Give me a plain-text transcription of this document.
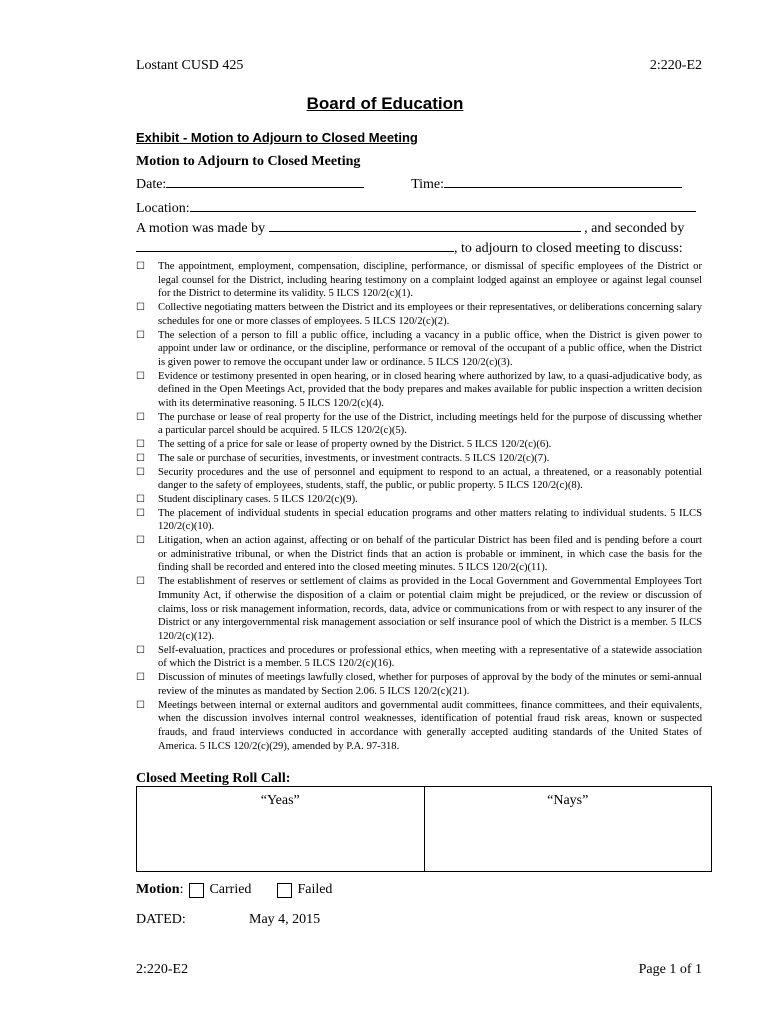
Lostant CUSD 425	2:220-E2
Board of Education
Exhibit - Motion to Adjourn to Closed Meeting
Motion to Adjourn to Closed Meeting
Date:	Time:
Location:
A motion was made by	, and seconded by
, to adjourn to closed meeting to discuss:
☐	The appointment, employment, compensation, discipline, performance, or dismissal of specific employees of the District or legal counsel for the District, including hearing testimony on a complaint lodged against an employee or against legal counsel for the District to determine its validity. 5 ILCS 120/2(c)(1).
☐	Collective negotiating matters between the District and its employees or their representatives, or deliberations concerning salary schedules for one or more classes of employees. 5 ILCS 120/2(c)(2).
☐	The selection of a person to fill a public office, including a vacancy in a public office, when the District is given power to appoint under law or ordinance, or the discipline, performance or removal of the occupant of a public office, when the District is given power to remove the occupant under law or ordinance. 5 ILCS 120/2(c)(3).
☐	Evidence or testimony presented in open hearing, or in closed hearing where authorized by law, to a quasi-adjudicative body, as defined in the Open Meetings Act, provided that the body prepares and makes available for public inspection a written decision with its determinative reasoning. 5 ILCS 120/2(c)(4).
☐	The purchase or lease of real property for the use of the District, including meetings held for the purpose of discussing whether a particular parcel should be acquired. 5 ILCS 120/2(c)(5).
☐	The setting of a price for sale or lease of property owned by the District. 5 ILCS 120/2(c)(6).
☐	The sale or purchase of securities, investments, or investment contracts. 5 ILCS 120/2(c)(7).
☐	Security procedures and the use of personnel and equipment to respond to an actual, a threatened, or a reasonably potential danger to the safety of employees, students, staff, the public, or public property. 5 ILCS 120/2(c)(8).
☐	Student disciplinary cases. 5 ILCS 120/2(c)(9).
☐	The placement of individual students in special education programs and other matters relating to individual students. 5 ILCS 120/2(c)(10).
☐	Litigation, when an action against, affecting or on behalf of the particular District has been filed and is pending before a court or administrative tribunal, or when the District finds that an action is probable or imminent, in which case the basis for the finding shall be recorded and entered into the closed meeting minutes. 5 ILCS 120/2(c)(11).
☐	The establishment of reserves or settlement of claims as provided in the Local Government and Governmental Employees Tort Immunity Act, if otherwise the disposition of a claim or potential claim might be prejudiced, or the review or discussion of claims, loss or risk management information, records, data, advice or communications from or with respect to any insurer of the District or any intergovernmental risk management association or self insurance pool of which the District is a member. 5 ILCS 120/2(c)(12).
☐	Self-evaluation, practices and procedures or professional ethics, when meeting with a representative of a statewide association of which the District is a member. 5 ILCS 120/2(c)(16).
☐	Discussion of minutes of meetings lawfully closed, whether for purposes of approval by the body of the minutes or semi-annual review of the minutes as mandated by Section 2.06. 5 ILCS 120/2(c)(21).
☐	Meetings between internal or external auditors and governmental audit committees, finance committees, and their equivalents, when the discussion involves internal control weaknesses, identification of potential fraud risk areas, known or suspected frauds, and fraud interviews conducted in accordance with generally accepted auditing standards of the United States of America. 5 ILCS 120/2(c)(29), amended by P.A. 97-318.
Closed Meeting Roll Call:
“Yeas”	“Nays”
Motion : Carried	Failed
DATED:	May 4, 2015
2:220-E2	Page 1 of 1
